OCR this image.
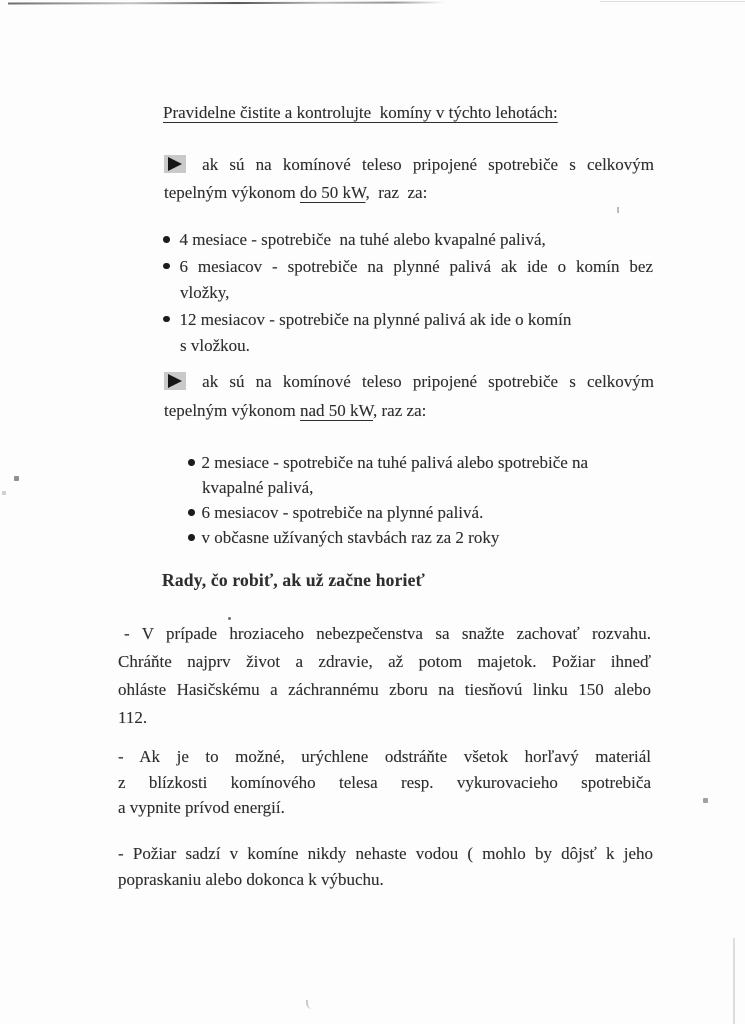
Pravidelne čistite a kontrolujte  komíny v týchto lehotách:
ak sú na komínové teleso pripojené spotrebiče s celkovým
tepelným výkonom do 50 kW,  raz  za:
4 mesiace - spotrebiče  na tuhé alebo kvapalné palivá,
6 mesiacov - spotrebiče na plynné palivá ak ide o komín bez
vložky,
12 mesiacov - spotrebiče na plynné palivá ak ide o komín
s vložkou.
ak sú na komínové teleso pripojené spotrebiče s celkovým
tepelným výkonom nad 50 kW, raz za:
2 mesiace - spotrebiče na tuhé palivá alebo spotrebiče na
kvapalné palivá,
6 mesiacov - spotrebiče na plynné palivá.
v občasne užívaných stavbách raz za 2 roky
Rady, čo robiť, ak už začne horieť
- V prípade hroziaceho nebezpečenstva sa snažte zachovať rozvahu.
Chráňte najprv život a zdravie, až potom majetok. Požiar ihneď
ohláste Hasičskému a záchrannému zboru na tiesňovú linku 150 alebo
112.
- Ak je to možné, urýchlene odstráňte všetok horľavý materiál
z blízkosti komínového telesa resp. vykurovacieho spotrebiča
a vypnite prívod energií.
- Požiar sadzí v komíne nikdy nehaste vodou ( mohlo by dôjsť k jeho
popraskaniu alebo dokonca k výbuchu.
